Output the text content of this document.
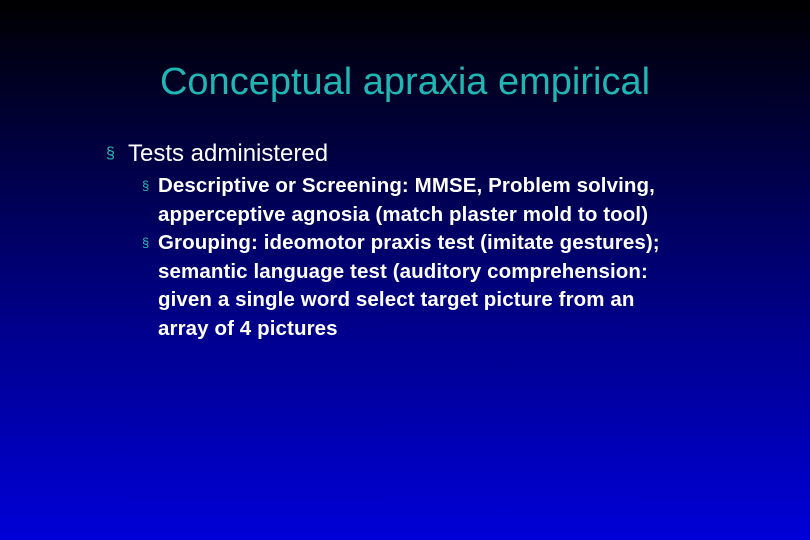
Conceptual apraxia empirical
§ Tests administered
§ Descriptive or Screening: MMSE, Problem solving,
apperceptive agnosia (match plaster mold to tool)
§ Grouping: ideomotor praxis test (imitate gestures);
semantic language test (auditory comprehension:
given a single word select target picture from an
array of 4 pictures
